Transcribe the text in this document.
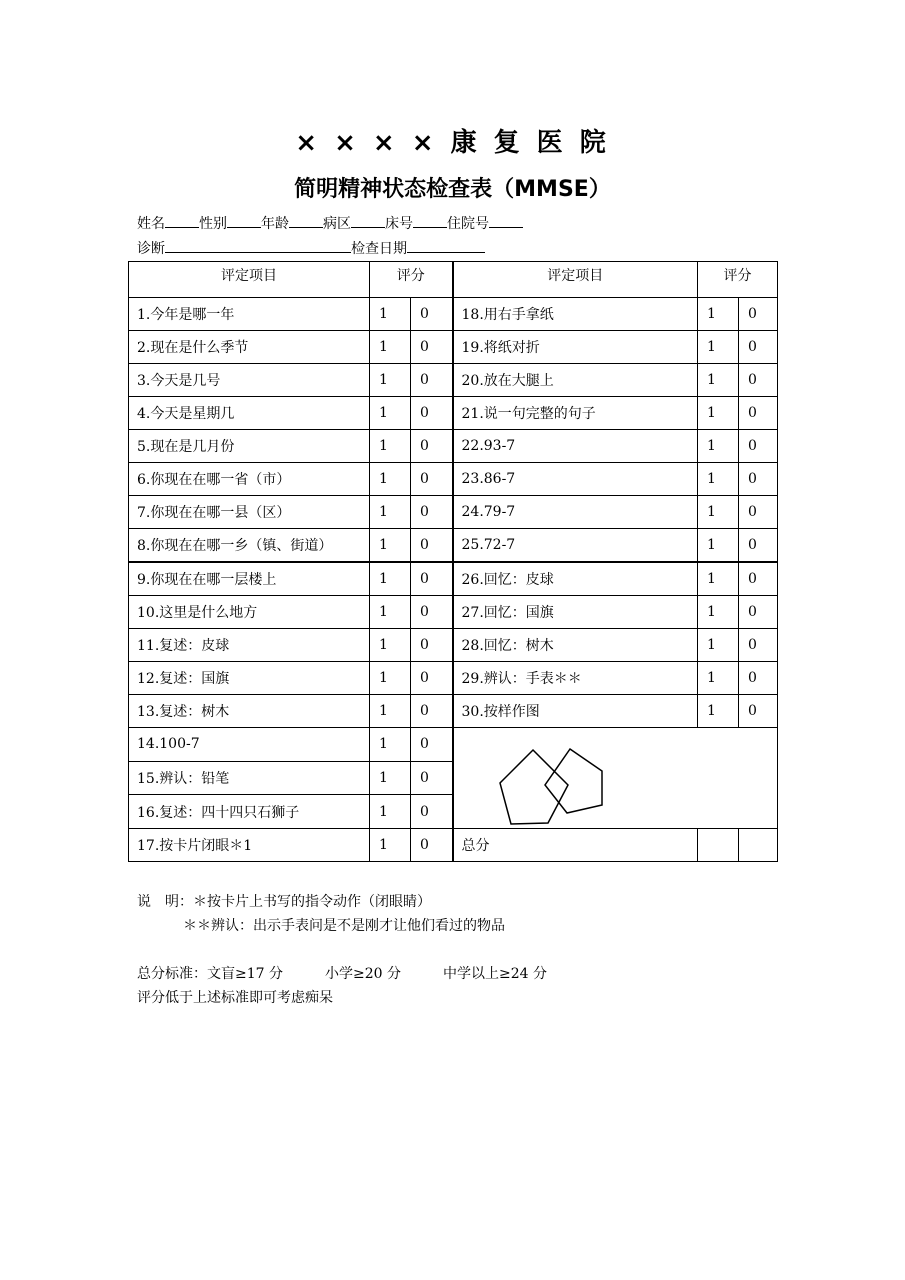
× × × × 康 复 医 院
简明精神状态检查表（MMSE）
姓名 性别 年龄 病区 床号 住院号
诊断	检查日期
评定项目	评分		评定项目	评分	
1.今年是哪一年	1	0	18.用右手拿纸	1	0
2.现在是什么季节	1	0	19.将纸对折	1	0
3.今天是几号	1	0	20.放在大腿上	1	0
4.今天是星期几	1	0	21.说一句完整的句子	1	0
5.现在是几月份	1	0	22.93-7	1	0
6.你现在在哪一省（市）	1	0	23.86-7	1	0
7.你现在在哪一县（区）	1	0	24.79-7	1	0
8.你现在在哪一乡（镇、街道）	1	0	25.72-7	1	0
9.你现在在哪一层楼上	1	0	26.回忆：皮球	1	0
10.这里是什么地方	1	0	27.回忆：国旗	1	0
11.复述：皮球	1	0	28.回忆：树木	1	0
12.复述：国旗	1	0	29.辨认：手表＊＊	1	0
13.复述：树木	1	0	30.按样作图	1	0
14.100-7	1	0	

15.辨认：铅笔	1	0			
16.复述：四十四只石狮子	1	0			
17.按卡片闭眼＊1	1	0	总分		
说　明：＊按卡片上书写的指令动作（闭眼睛）
＊＊辨认：出示手表问是不是刚才让他们看过的物品
总分标准：文盲≥17 分　　　小学≥20 分　　　中学以上≥24 分
评分低于上述标准即可考虑痴呆
